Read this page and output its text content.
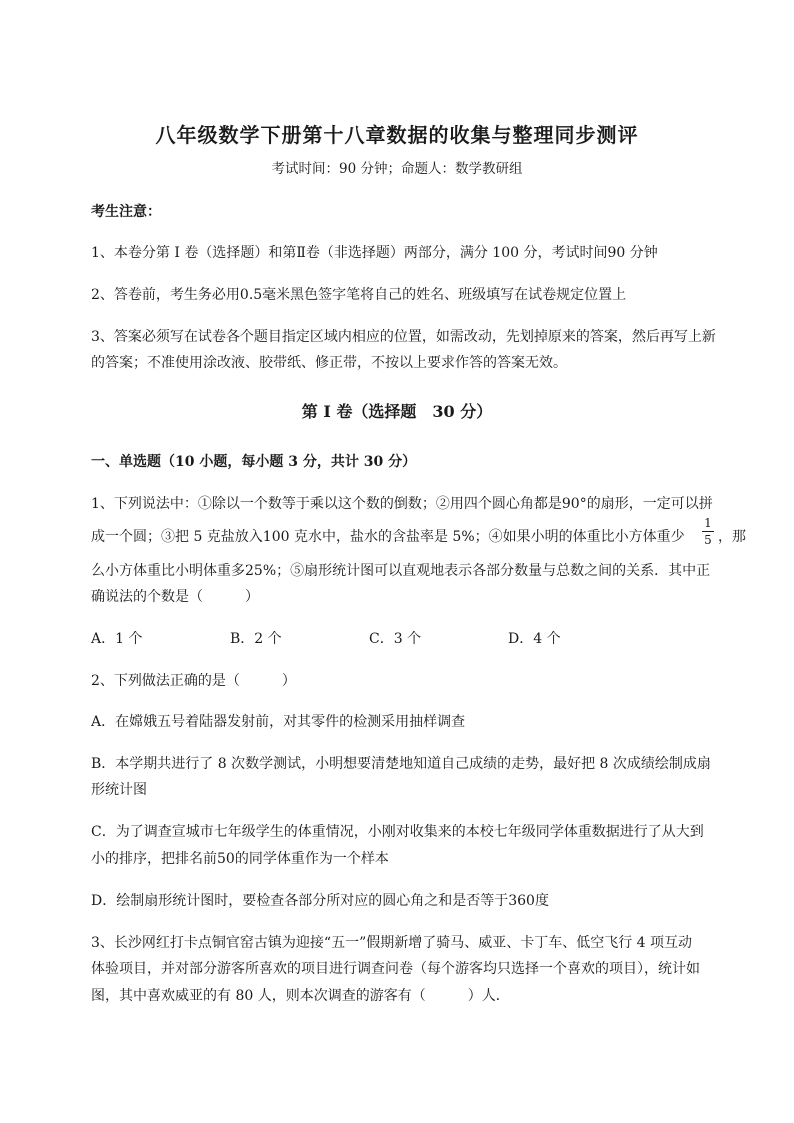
八年级数学下册第十八章数据的收集与整理同步测评
考试时间：90 分钟；命题人：数学教研组
考生注意：
1、本卷分第 I 卷（选择题）和第Ⅱ卷（非选择题）两部分，满分 100 分，考试时间90 分钟
2、答卷前，考生务必用0.5毫米黑色签字笔将自己的姓名、班级填写在试卷规定位置上
3、答案必须写在试卷各个题目指定区域内相应的位置，如需改动，先划掉原来的答案，然后再写上新
的答案；不准使用涂改液、胶带纸、修正带，不按以上要求作答的答案无效。
第 I 卷（选择题　30 分）
一、单选题（10 小题，每小题 3 分，共计 30 分）
1、下列说法中：①除以一个数等于乘以这个数的倒数；②用四个圆心角都是90°的扇形，一定可以拼
成一个圆；③把 5 克盐放入100 克水中，盐水的含盐率是 5%；④如果小明的体重比小方体重少
1
5 ，那
么小方体重比小明体重多25%；⑤扇形统计图可以直观地表示各部分数量与总数之间的关系．其中正
确说法的个数是（　　　）
A．1 个	B．2 个	C．3 个	D．4 个
2、下列做法正确的是（　　　）
A．在嫦娥五号着陆器发射前，对其零件的检测采用抽样调查
B．本学期共进行了 8 次数学测试，小明想要清楚地知道自己成绩的走势，最好把 8 次成绩绘制成扇
形统计图
C．为了调查宣城市七年级学生的体重情况，小刚对收集来的本校七年级同学体重数据进行了从大到
小的排序，把排名前50的同学体重作为一个样本
D．绘制扇形统计图时，要检查各部分所对应的圆心角之和是否等于360度
3、长沙网红打卡点铜官窑古镇为迎接“五一”假期新增了骑马、威亚、卡丁车、低空飞行 4 项互动
体验项目，并对部分游客所喜欢的项目进行调查问卷（每个游客均只选择一个喜欢的项目），统计如
图，其中喜欢威亚的有 80 人，则本次调查的游客有（　　　）人．
